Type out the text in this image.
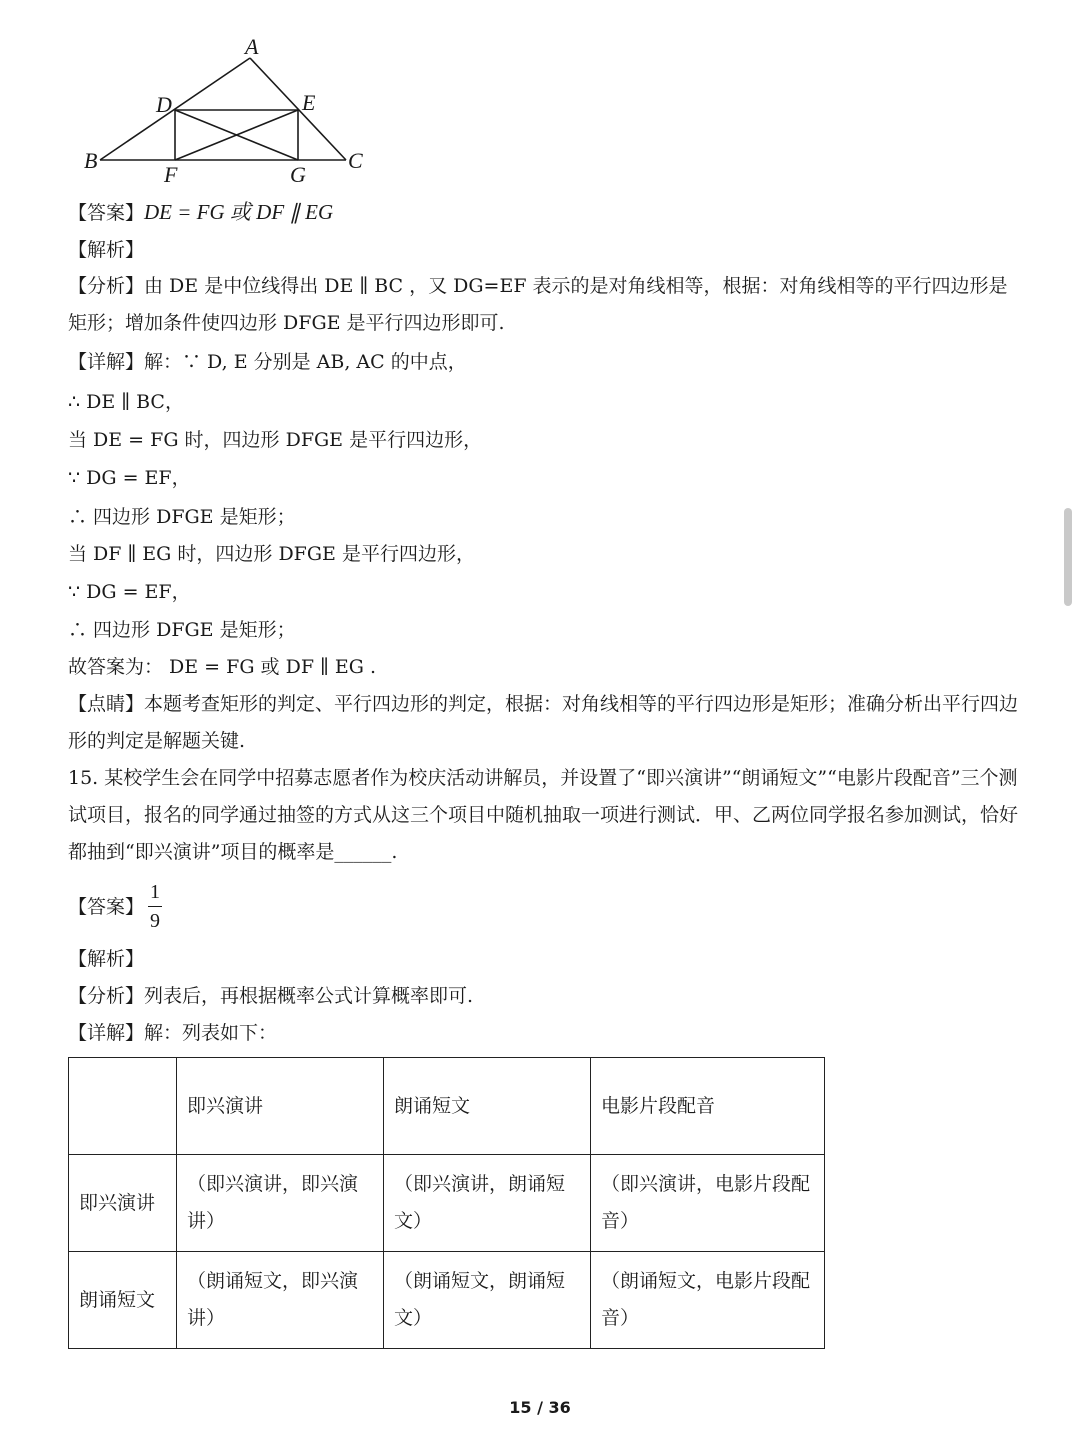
A
D	E
B	C
F	G
【答案】DE = FG 或 DF ∥ EG
【解析】
【分析】由 DE 是中位线得出 DE ∥ BC ，又 DG=EF 表示的是对角线相等，根据：对角线相等的平行四边形是矩形；增加条件使四边形 DFGE 是平行四边形即可.
【详解】解：∵ D, E 分别是 AB, AC 的中点，
∴ DE ∥ BC，
当 DE = FG 时，四边形 DFGE 是平行四边形，
∵ DG = EF，
∴ 四边形 DFGE 是矩形；
当 DF ∥ EG 时，四边形 DFGE 是平行四边形，
∵ DG = EF，
∴ 四边形 DFGE 是矩形；
故答案为： DE = FG 或 DF ∥ EG .
【点睛】本题考查矩形的判定、平行四边形的判定，根据：对角线相等的平行四边形是矩形；准确分析出平行四边形的判定是解题关键.
15. 某校学生会在同学中招募志愿者作为校庆活动讲解员，并设置了“即兴演讲”“朗诵短文”“电影片段配音”三个测试项目，报名的同学通过抽签的方式从这三个项目中随机抽取一项进行测试．甲、乙两位同学报名参加测试，恰好都抽到“即兴演讲”项目的概率是______.
【答案】
1
9
【解析】
【分析】列表后，再根据概率公式计算概率即可.
【详解】解：列表如下：
	即兴演讲	朗诵短文	电影片段配音
即兴演讲	（即兴演讲，即兴演讲）	（即兴演讲，朗诵短文）	（即兴演讲，电影片段配音）
朗诵短文	（朗诵短文，即兴演讲）	（朗诵短文，朗诵短文）	（朗诵短文，电影片段配音）
15 / 36
